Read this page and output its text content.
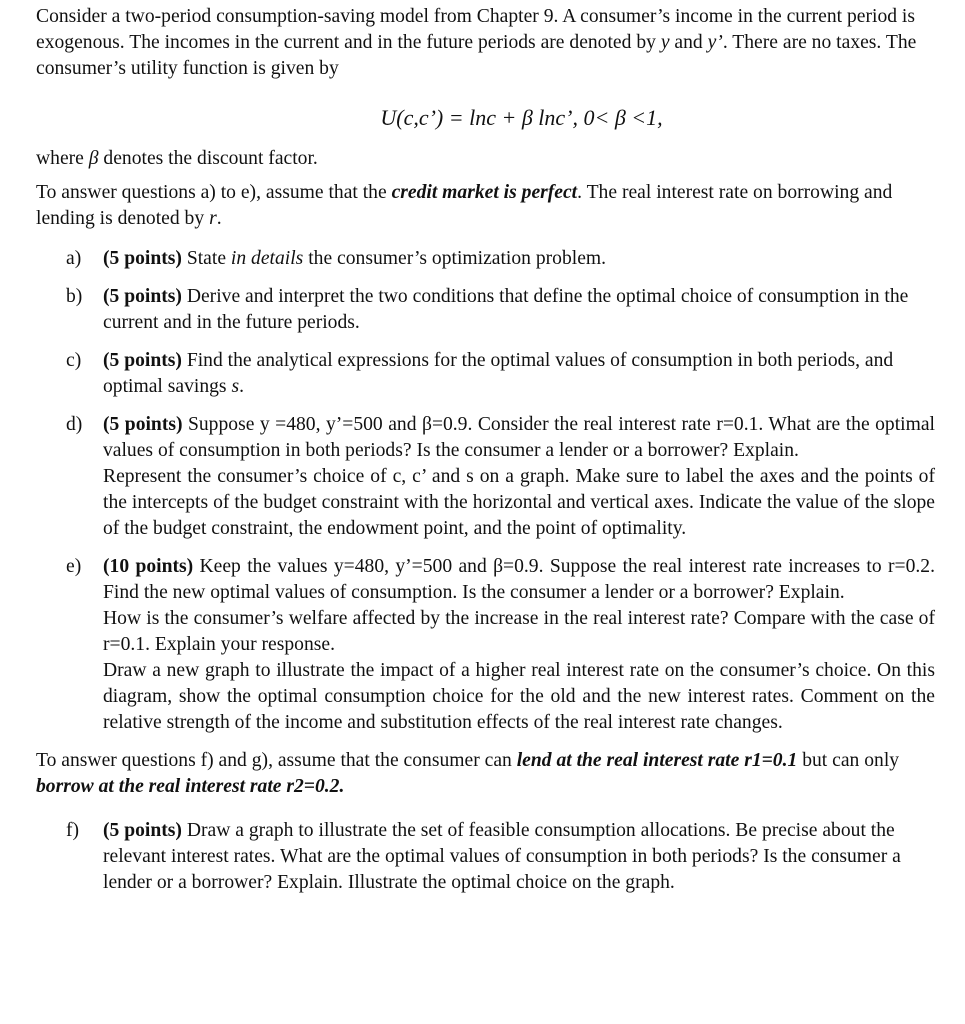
Consider a two-period consumption-saving model from Chapter 9. A consumer’s income in the current period is exogenous. The incomes in the current and in the future periods are denoted by y and y’. There are no taxes. The consumer’s utility function is given by

U(c,c’) = lnc + β lnc’, 0< β <1,

where β denotes the discount factor.

To answer questions a) to e), assume that the credit market is perfect. The real interest rate on borrowing and lending is denoted by r.

a) (5 points) State in details the consumer’s optimization problem.
b) (5 points) Derive and interpret the two conditions that define the optimal choice of consumption in the current and in the future periods.
c) (5 points) Find the analytical expressions for the optimal values of consumption in both periods, and optimal savings s.
d) (5 points) Suppose y =480, y’=500 and β=0.9. Consider the real interest rate r=0.1. What are the optimal values of consumption in both periods? Is the consumer a lender or a borrower? Explain.
Represent the consumer’s choice of c, c’ and s on a graph. Make sure to label the axes and the points of the intercepts of the budget constraint with the horizontal and vertical axes. Indicate the value of the slope of the budget constraint, the endowment point, and the point of optimality.
e) (10 points) Keep the values y=480, y’=500 and β=0.9. Suppose the real interest rate increases to r=0.2. Find the new optimal values of consumption. Is the consumer a lender or a borrower? Explain.
How is the consumer’s welfare affected by the increase in the real interest rate? Compare with the case of r=0.1. Explain your response.
Draw a new graph to illustrate the impact of a higher real interest rate on the consumer’s choice. On this diagram, show the optimal consumption choice for the old and the new interest rates. Comment on the relative strength of the income and substitution effects of the real interest rate changes.

To answer questions f) and g), assume that the consumer can lend at the real interest rate r1=0.1 but can only borrow at the real interest rate r2=0.2.

f) (5 points) Draw a graph to illustrate the set of feasible consumption allocations. Be precise about the relevant interest rates. What are the optimal values of consumption in both periods? Is the consumer a lender or a borrower? Explain. Illustrate the optimal choice on the graph.
